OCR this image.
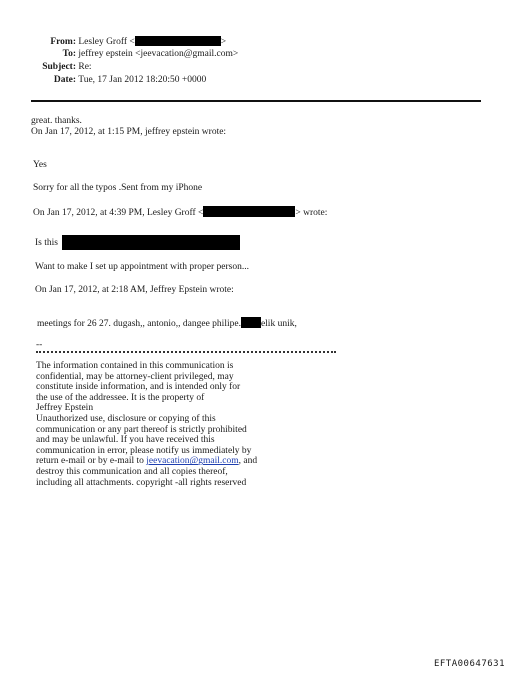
From: Lesley Groff <	>
To: jeffrey epstein <jeevacation@gmail.com>
Subject: Re:
Date: Tue, 17 Jan 2012 18:20:50 +0000
great. thanks.
On Jan 17, 2012, at 1:15 PM, jeffrey epstein wrote:
Yes
Sorry for all the typos .Sent from my iPhone
On Jan 17, 2012, at 4:39 PM, Lesley Groff <	> wrote:
Is this
Want to make I set up appointment with proper person...
On Jan 17, 2012, at 2:18 AM, Jeffrey Epstein wrote:
meetings for 26 27. dugash,, antonio,, dangee philipe. elik unik,
--
The information contained in this communication is
confidential, may be attorney-client privileged, may
constitute inside information, and is intended only for
the use of the addressee. It is the property of
Jeffrey Epstein
Unauthorized use, disclosure or copying of this
communication or any part thereof is strictly prohibited
and may be unlawful. If you have received this
communication in error, please notify us immediately by
return e-mail or by e-mail to jeevacation@gmail.com, and
destroy this communication and all copies thereof,
including all attachments. copyright -all rights reserved
EFTA00647631
